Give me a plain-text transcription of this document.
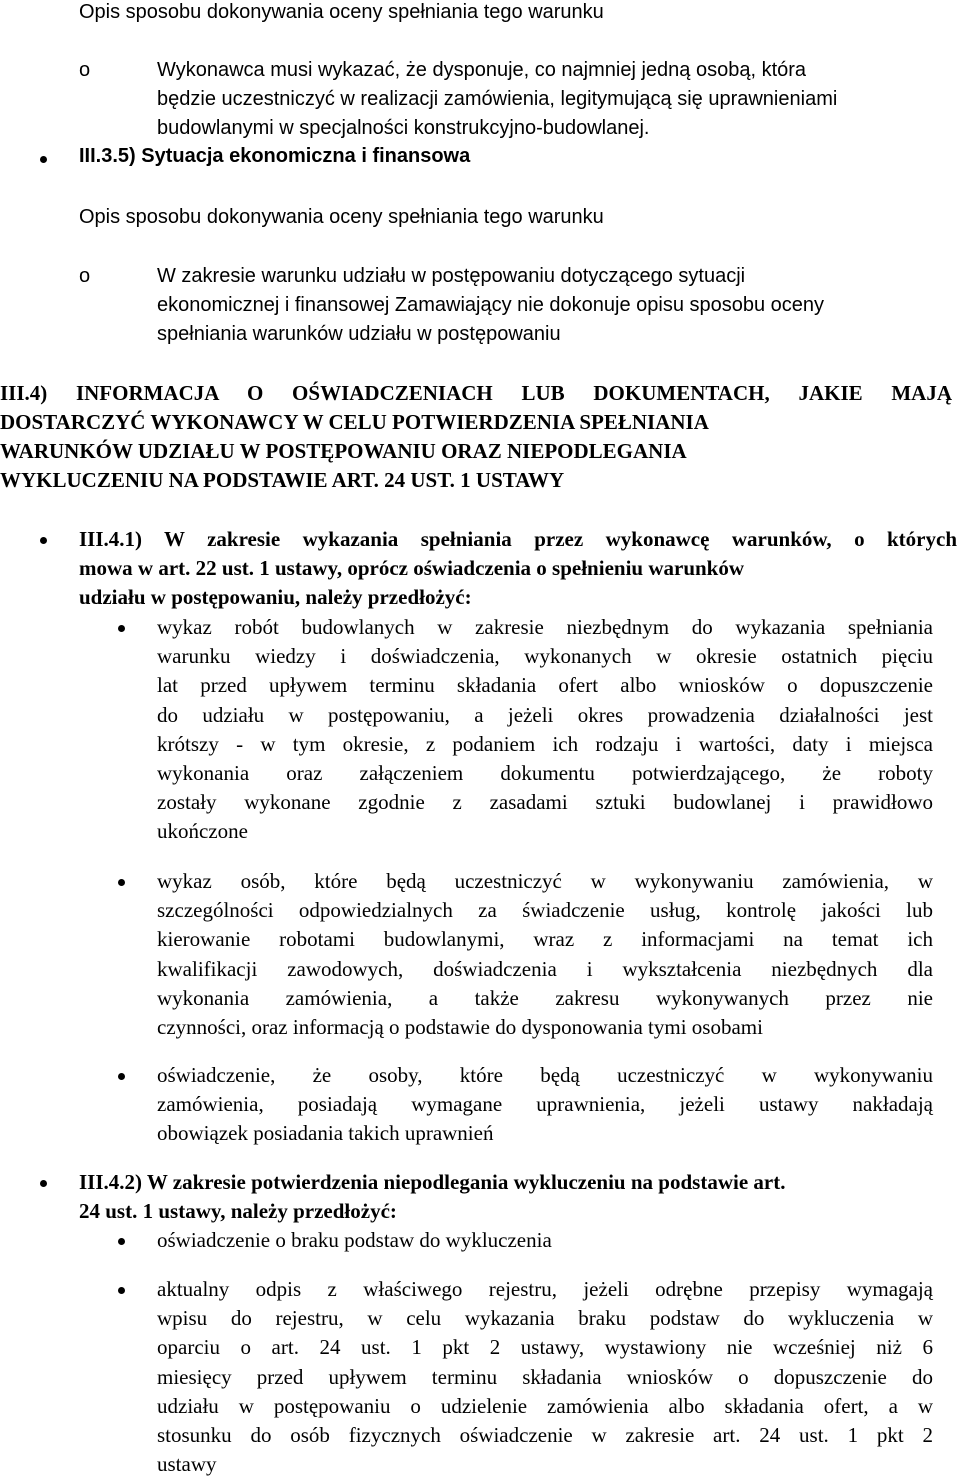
Opis sposobu dokonywania oceny spełniania tego warunku
o	Wykonawca musi wykazać, że dysponuje, co najmniej jedną osobą, która
będzie uczestniczyć w realizacji zamówienia, legitymującą się uprawnieniami
budowlanymi w specjalności konstrukcyjno-budowlanej.
III.3.5) Sytuacja ekonomiczna i finansowa
Opis sposobu dokonywania oceny spełniania tego warunku
o	W zakresie warunku udziału w postępowaniu dotyczącego sytuacji
ekonomicznej i finansowej Zamawiający nie dokonuje opisu sposobu oceny
spełniania warunków udziału w postępowaniu
III.4) INFORMACJA O OŚWIADCZENIACH LUB DOKUMENTACH, JAKIE MAJĄ
DOSTARCZYĆ WYKONAWCY W CELU POTWIERDZENIA SPEŁNIANIA
WARUNKÓW UDZIAŁU W POSTĘPOWANIU ORAZ NIEPODLEGANIA
WYKLUCZENIU NA PODSTAWIE ART. 24 UST. 1 USTAWY
III.4.1) W zakresie wykazania spełniania przez wykonawcę warunków, o których
mowa w art. 22 ust. 1 ustawy, oprócz oświadczenia o spełnieniu warunków
udziału w postępowaniu, należy przedłożyć:
wykaz robót budowlanych w zakresie niezbędnym do wykazania spełniania
warunku wiedzy i doświadczenia, wykonanych w okresie ostatnich pięciu
lat przed upływem terminu składania ofert albo wniosków o dopuszczenie
do udziału w postępowaniu, a jeżeli okres prowadzenia działalności jest
krótszy - w tym okresie, z podaniem ich rodzaju i wartości, daty i miejsca
wykonania oraz załączeniem dokumentu potwierdzającego, że roboty
zostały wykonane zgodnie z zasadami sztuki budowlanej i prawidłowo
ukończone
wykaz osób, które będą uczestniczyć w wykonywaniu zamówienia, w
szczególności odpowiedzialnych za świadczenie usług, kontrolę jakości lub
kierowanie robotami budowlanymi, wraz z informacjami na temat ich
kwalifikacji zawodowych, doświadczenia i wykształcenia niezbędnych dla
wykonania zamówienia, a także zakresu wykonywanych przez nie
czynności, oraz informacją o podstawie do dysponowania tymi osobami
oświadczenie, że osoby, które będą uczestniczyć w wykonywaniu
zamówienia, posiadają wymagane uprawnienia, jeżeli ustawy nakładają
obowiązek posiadania takich uprawnień
III.4.2) W zakresie potwierdzenia niepodlegania wykluczeniu na podstawie art.
24 ust. 1 ustawy, należy przedłożyć:
oświadczenie o braku podstaw do wykluczenia
aktualny odpis z właściwego rejestru, jeżeli odrębne przepisy wymagają
wpisu do rejestru, w celu wykazania braku podstaw do wykluczenia w
oparciu o art. 24 ust. 1 pkt 2 ustawy, wystawiony nie wcześniej niż 6
miesięcy przed upływem terminu składania wniosków o dopuszczenie do
udziału w postępowaniu o udzielenie zamówienia albo składania ofert, a w
stosunku do osób fizycznych oświadczenie w zakresie art. 24 ust. 1 pkt 2
ustawy
